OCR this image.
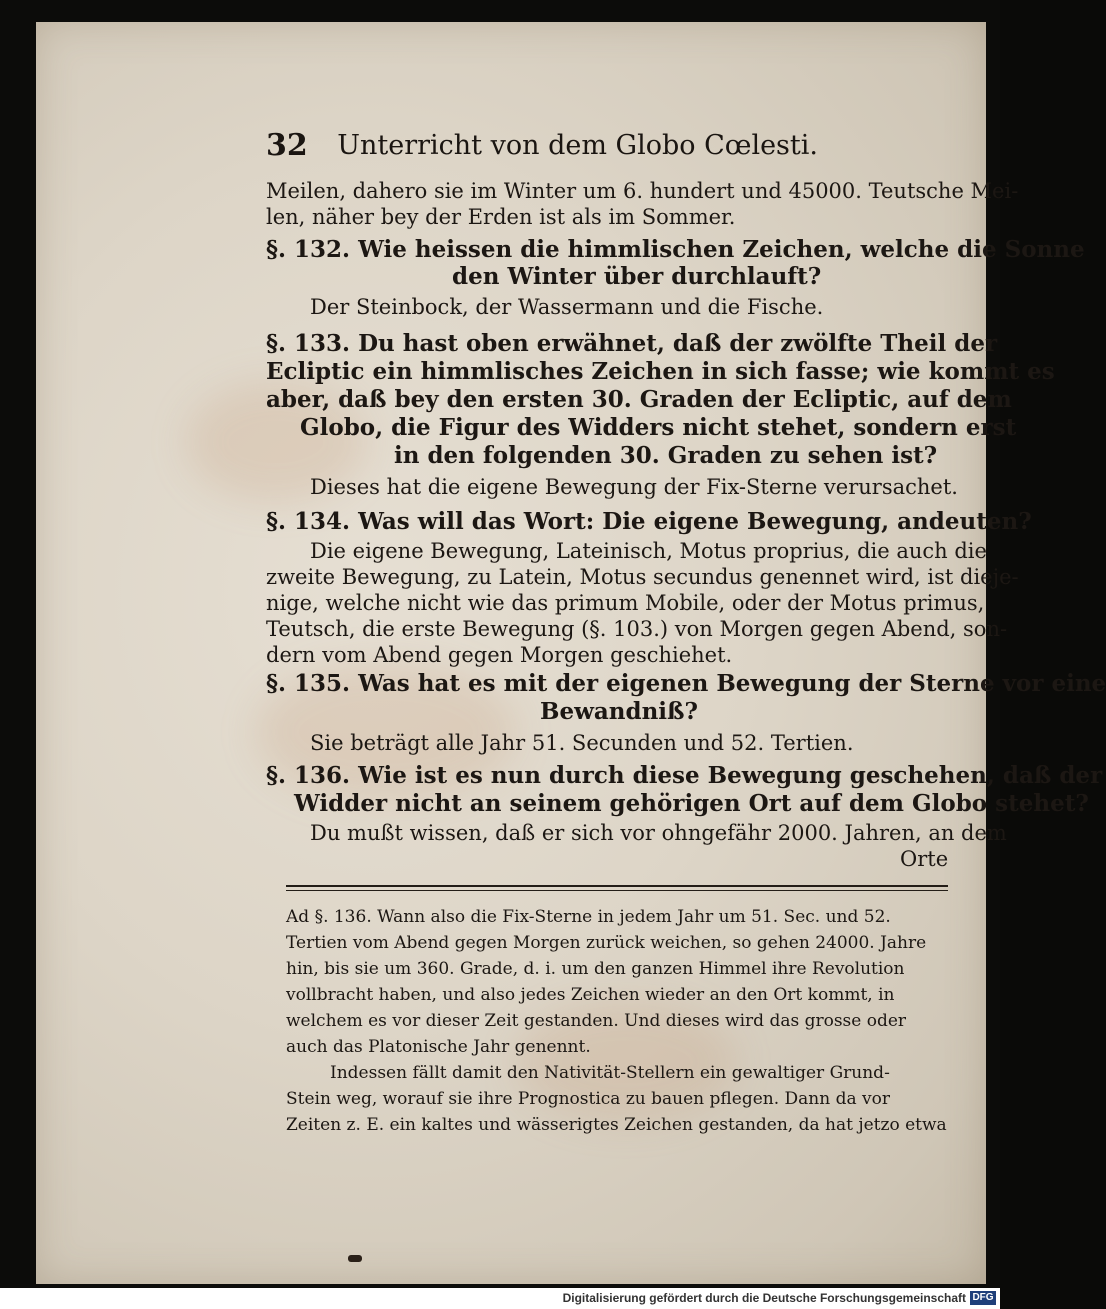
32 Unterricht von dem Globo Cœlesti.
Meilen, dahero sie im Winter um 6. hundert und 45000. Teutsche Mei-
len, näher bey der Erden ist als im Sommer.
§. 132. Wie heissen die himmlischen Zeichen, welche die Sonne
den Winter über durchlauft?
Der Steinbock, der Wassermann und die Fische.
§. 133. Du hast oben erwähnet, daß der zwölfte Theil der
Ecliptic ein himmlisches Zeichen in sich fasse; wie kommt es
aber, daß bey den ersten 30. Graden der Ecliptic, auf dem
Globo, die Figur des Widders nicht stehet, sondern erst
in den folgenden 30. Graden zu sehen ist?
Dieses hat die eigene Bewegung der Fix-Sterne verursachet.
§. 134. Was will das Wort: Die eigene Bewegung, andeuten?
Die eigene Bewegung, Lateinisch, Motus proprius, die auch die
zweite Bewegung, zu Latein, Motus secundus genennet wird, ist dieje-
nige, welche nicht wie das primum Mobile, oder der Motus primus,
Teutsch, die erste Bewegung (§. 103.) von Morgen gegen Abend, son-
dern vom Abend gegen Morgen geschiehet.
§. 135. Was hat es mit der eigenen Bewegung der Sterne vor eine
Bewandniß?
Sie beträgt alle Jahr 51. Secunden und 52. Tertien.
§. 136. Wie ist es nun durch diese Bewegung geschehen, daß der
Widder nicht an seinem gehörigen Ort auf dem Globo stehet?
Du mußt wissen, daß er sich vor ohngefähr 2000. Jahren, an dem
Orte
Ad §. 136. Wann also die Fix-Sterne in jedem Jahr um 51. Sec. und 52.
Tertien vom Abend gegen Morgen zurück weichen, so gehen 24000. Jahre
hin, bis sie um 360. Grade, d. i. um den ganzen Himmel ihre Revolution
vollbracht haben, und also jedes Zeichen wieder an den Ort kommt, in
welchem es vor dieser Zeit gestanden. Und dieses wird das grosse oder
auch das Platonische Jahr genennt.
Indessen fällt damit den Nativität-Stellern ein gewaltiger Grund-
Stein weg, worauf sie ihre Prognostica zu bauen pflegen. Dann da vor
Zeiten z. E. ein kaltes und wässerigtes Zeichen gestanden, da hat jetzo etwa
Digitalisierung gefördert durch die Deutsche Forschungsgemeinschaft DFG
